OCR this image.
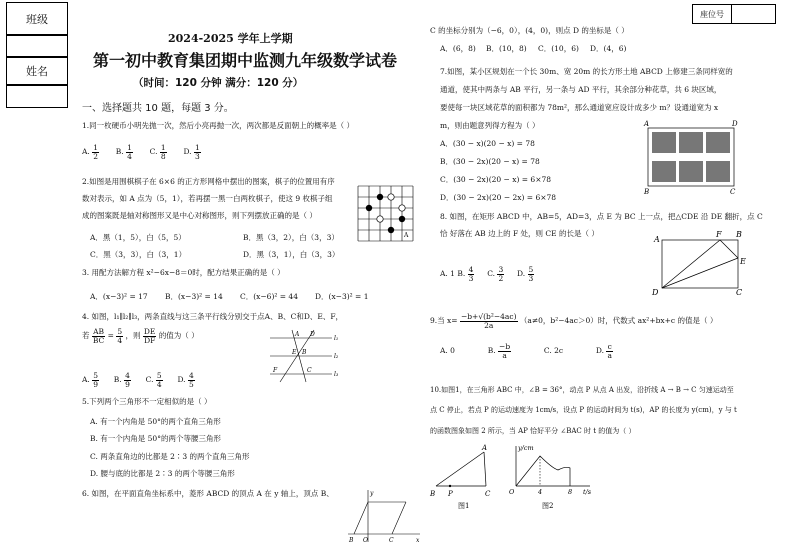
班级
姓名
座位号
2024-2025 学年上学期
第一初中教育集团期中监测九年级数学试卷
（时间：120 分钟 满分：120 分）
一、选择题共 10 题，每题 3 分。
1.同一枚硬币小明先抛一次，然后小亮再抛一次，两次都是反面朝上的概率是（ ）
A. $\frac{1}{2} B$. $\frac{1}{4} C$. $\frac{1}{8} D$. $\frac{1}{3}$
2.如图是用围棋棋子在 6×6 的正方形网格中摆出的图案，棋子的位置用有序
数对表示，如 A 点为（5，1），若再摆一黑一白两枚棋子，使这 9 枚棋子组
成的图案既是轴对称图形又是中心对称图形，则下列摆放正确的是（ ）
A．黑（1，5），白（5，5）	B．黑（3，2），白（3，3）
C．黑（3，3），白（3，1）	D．黑（3，1），白（3，3）
A
3. 用配方法解方程 x²−6x−8＝0时，配方结果正确的是（ ）
A．(x−3)² = 17 B．(x−3)² = 14 C．(x−6)² = 44 D．(x−3)² = 1
4. 如图，l₁∥l₂∥l₃，两条直线与这三条平行线分别交于点A、B、C和D、E、F，
若 $\frac{AB}{BC} = \frac{5}{4}$ ，则 $\frac{DE}{DF}$ 的值为（ ）
A. $\frac{5}{9} B$. $\frac{4}{9} C$. $\frac{5}{4} D$. $\frac{4}{5}$
A D
E B
F	C
l₁
l₂
l₃
5.下列两个三角形不一定相似的是（ ）
A. 有一个内角是 50°的两个直角三角形
B. 有一个内角是 50°的两个等腰三角形
C. 两条直角边的比都是 2∶3 的两个直角三角形
D. 腰与底的比都是 2∶3 的两个等腰三角形
6. 如图，在平面直角坐标系中，菱形 ABCD 的顶点 A 在 y 轴上，顶点 B、	y
B O	C	x
C 的坐标分别为（−6，0），(4，0)，则点 D 的坐标是（ ）
A．(6，8) B．(10，8) C．(10，6) D．(4，6)
7.如图，某小区规划在一个长 30m、宽 20m 的长方形土地 ABCD 上修建三条同样宽的
通道，使其中两条与 AB 平行，另一条与 AD 平行，其余部分种花草，共 6 块区域，
要使每一块区域花草的面积都为 78m²，那么通道宽应设计成多少 m？设通道宽为 x
m，则由题意列得方程为（ ）
A．(30 − x)(20 − x) = 78
B．(30 − 2x)(20 − x) = 78
C．(30 − 2x)(20 − x) = 6×78
D．(30 − 2x)(20 − 2x) = 6×78
A	D
B	C
8. 如图，在矩形 ABCD 中，AB=5，AD=3，点 E 为 BC 上一点，把△CDE 沿 DE 翻折，点 C
恰 好落在 AB 边上的 F 处，则 CE 的长是（ ）
A. 1 B. $\frac{4}{3} C$. $\frac{3}{2} D$. $\frac{5}{3}$
A
F B
E
D	C
9.当 $x= \frac{\text{−b+√(b²−4ac)}}{2a} (a\ne 0$，b²−4ac＞0）时，代数式 ax²+bx+c 的值是（ ）
A. 0	B. $\frac{-b}{a}$	C. 2c	D. $\frac{c}{a}$
10.如图1，在三角形 ABC 中，∠B = 36°，动点 P 从点 A 出发，沿折线 A → B → C 匀速运动至
点 C 停止，若点 P 的运动速度为 1cm/s，设点 P 的运动时间为 t(s)，AP 的长度为 y(cm)，y 与 t
的函数图象如图 2 所示，当 AP 恰好平分 ∠BAC 时 t 的值为（ ）
A
B P	C
图1
y/cm
O	4	8 t/s
图2
